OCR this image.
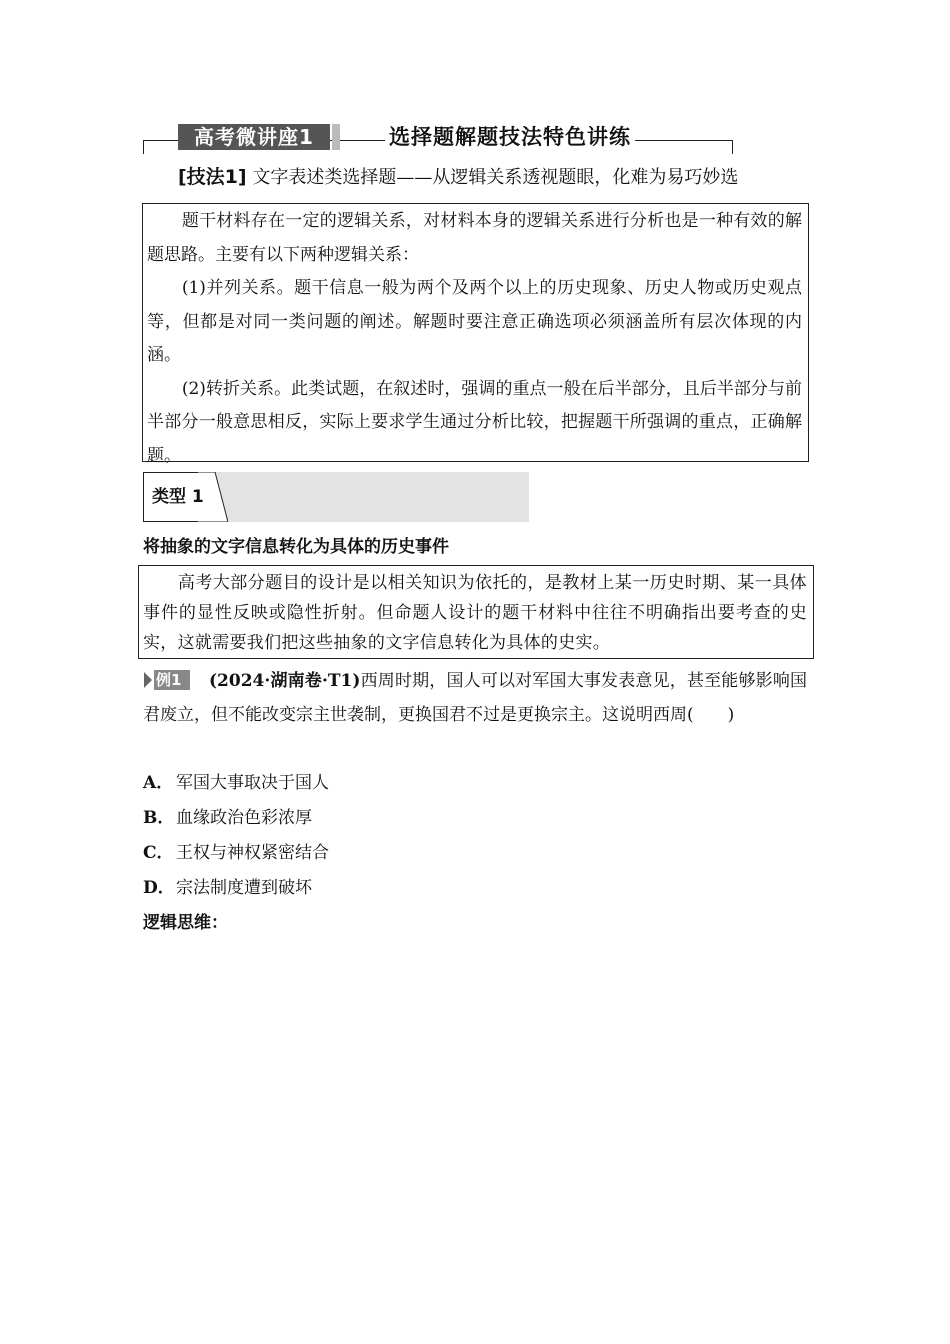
高考微讲座1	选择题解题技法特色讲练
[技法1] 文字表述类选择题——从逻辑关系透视题眼，化难为易巧妙选

题干材料存在一定的逻辑关系，对材料本身的逻辑关系进行分析也是一种有效的解题思路。主要有以下两种逻辑关系：

(1)并列关系。题干信息一般为两个及两个以上的历史现象、历史人物或历史观点等，但都是对同一类问题的阐述。解题时要注意正确选项必须涵盖所有层次体现的内涵。

(2)转折关系。此类试题，在叙述时，强调的重点一般在后半部分，且后半部分与前半部分一般意思相反，实际上要求学生通过分析比较，把握题干所强调的重点，正确解题。

类型 1
将抽象的文字信息转化为具体的历史事件

高考大部分题目的设计是以相关知识为依托的，是教材上某一历史时期、某一具体事件的显性反映或隐性折射。但命题人设计的题干材料中往往不明确指出要考查的史实，这就需要我们把这些抽象的文字信息转化为具体的史实。

例1	(2024·湖南卷·T1)西周时期，国人可以对军国大事发表意见，甚至能够影响国君废立，但不能改变宗主世袭制，更换国君不过是更换宗主。这说明西周(　　)
A． 军国大事取决于国人
B．血缘政治色彩浓厚
C． 王权与神权紧密结合
D．宗法制度遭到破坏
逻辑思维：
